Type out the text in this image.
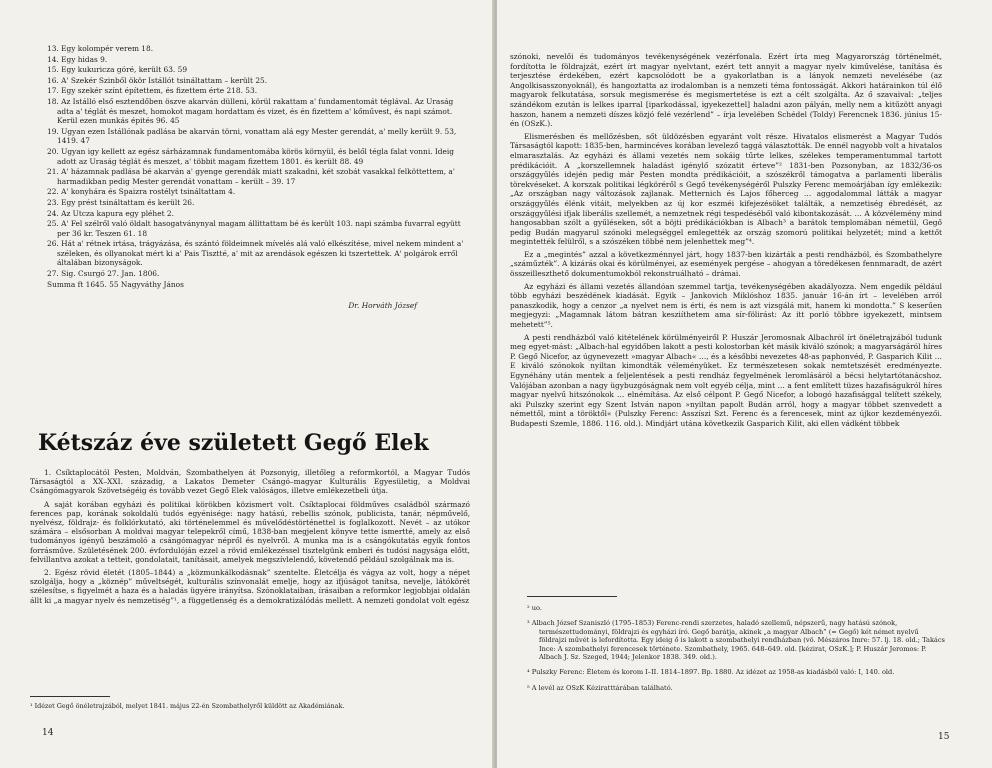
13. Egy kolompér verem 18.
14. Egy hidas 9.
15. Egy kukuricza góré, került 63. 59
16. A' Szekér Szinből ökör Istállót tsináltattam – került 25.
17. Egy szekér színt építettem, és fizettem érte 218. 53.
18. Az Istálló első esztendőben öszve akarván dülleni, körül rakattam a' fundamentomát téglával. Az Uraság adta a' téglát és meszet, homokot magam hordattam és vizet, és én fizettem a' kőművest, és napi számot. Kerül ezen munkás épités 96. 45
19. Ugyan ezen Istállónak padlása be akarván törni, vonattam alá egy Mester gerendát, a' melly került 9. 53, 1419. 47
20. Ugyan igy kellett az egész sárházamnak fundamentomába körös környül, és belől tégla falat vonni. Ideig adott az Uraság téglát és meszet, a' többit magam fizettem 1801. és került 88. 49
21. A' házamnak padlása bé akarván a' gyenge gerendák miatt szakadni, két szobát vasakkal felköttettem, a' harmadikban pedig Mester gerendát vonattam – került – 39. 17
22. A' konyhára és Spaizra rostélyt tsináltattam 4.
23. Egy prést tsináltattam és került 26.
24. Az Utcza kapura egy pléhet 2.
25. A' Fel szélről való öldalt hasogatványnyal magam állittattam bé és került 103. napi számba fuvarral együtt per 36 kr. Teszen 61. 18
26. Hát a' rétnek irtása, trágyázása, és szántó földeimnek mívelés alá való elkészítése, mivel nekem mindent a' széleken, és ollyanokat mért ki a' Pais Tisztté, a' mit az arendások egészen ki tszertettek. A' polgárok erről általában bizonyságok.
27. Sig. Csurgó 27. Jan. 1806.
Summa ft 1645. 55 Nagyváthy János
Dr. Horváth József
Kétszáz éve született Gegő Elek

1. Csíktaplocától Pesten, Moldván, Szombathelyen át Pozsonyig, illetőleg a reformkortól, a Magyar Tudós Társaságtól a XX–XXI. századig, a Lakatos Demeter Csángó–magyar Kulturális Egyesületig, a Moldvai Csángómagyarok Szövetségéig és tovább vezet Gegő Elek valóságos, illetve emlékezetbeli útja.

A saját korában egyházi és politikai körökben közismert volt. Csíktaplocai földműves családból származó ferences pap, korának sokoldalú tudós egyénisége: nagy hatású, rebellis szónok, publicista, tanár, népművelő, nyelvész, földrajz- és folklórkutató, aki történelemmel és művelődéstörténettel is foglalkozott. Nevét – az utókor számára – elsősorban A moldvai magyar telepekről című, 1838-ban megjelent könyve tette ismertté, amely az első tudományos igényű beszámoló a csángómagyar népről és nyelvről. A munka ma is a csángókutatás egyik fontos forrásműve. Születésének 200. évfordulóján ezzel a rövid emlékezéssel tisztelgünk emberi és tudósi nagysága előtt, felvillantva azokat a tetteit, gondolatait, tanításait, amelyek megszívlelendő, követendő például szolgálnak ma is.

2. Egész rövid életét (1805–1844) a „közmunkálkodásnak” szentelte. Életcélja és vágya az volt, hogy a népet szolgálja, hogy a „köznép” műveltségét, kulturális színvonalát emelje, hogy az ifjúságot tanítsa, nevelje, látókörét szélesítse, s figyelmét a haza és a haladás ügyére irányítsa. Szónoklataiban, írásaiban a reformkor legjobbjai oldalán állt ki „a magyar nyelv és nemzetiség”¹, a függetlenség és a demokratizálódás mellett. A nemzeti gondolat volt egész

¹ Idézet Gegő önéletrajzából, melyet 1841. május 22-én Szombathelyről küldött az Akadémiának.
14

szónoki, nevelői és tudományos tevékenységének vezérfonala. Ezért írta meg Magyarország történelmét, fordította le földrajzát, ezért írt magyar nyelvtant, ezért tett annyit a magyar nyelv kiművelése, tanítása és terjesztése érdekében, ezért kapcsolódott be a gyakorlatban is a lányok nemzeti nevelésébe (az Angolkisasszonyoknál), és hangoztatta az irodalomban is a nemzeti téma fontosságát. Akkori határainkon túl élő magyarok felkutatása, sorsuk megismerése és megismertetése is ezt a célt szolgálta. Az ő szavaival: „teljes szándékom ezután is lelkes iparral [iparkodással, igyekezettel] haladni azon pályán, melly nem a kitűzött anyagi haszon, hanem a nemzeti díszes közjó felé vezérlend” – írja levelében Schédel (Toldy) Ferencnek 1836. június 15-én (OSzK.).

Elismerésben és mellőzésben, sőt üldözésben egyaránt volt része. Hivatalos elismerést a Magyar Tudós Társaságtól kapott: 1835-ben, harmincéves korában levelező taggá választották. De ennél nagyobb volt a hivatalos elmarasztalás. Az egyházi és állami vezetés nem sokáig tűrte lelkes, szélekes temperamentummal tartott prédikációit. A „korszellemnek haladást igénylő szózatit érteve”² 1831-ben Pozsonyban, az 1832/36-os országgyűlés idején pedig már Pesten mondta prédikációit, a szószékről támogatva a parlamenti liberális törekvéseket. A korszak politikai légköréről s Gegő tevékenységéről Pulszky Ferenc memoárjában így emlékezik: „Az országban nagy változások zajlanak. Metternich és Lajos főherceg … aggodalommal látták a magyar országgyűlés élénk vitáit, melyekben az új kor eszméi kifejezésöket találták, a nemzetiség ébredését, az országgyűlési ifjak liberális szellemét, a nemzetnek régi tespedéséből való kibontakozását. … A közvélemény mind hangosabban szólt a gyűléseken, sőt a böjti prédikációkban is Albach³ a barátok templomában németül, Gegő pedig Budán magyarul szónoki melegséggel emlegették az ország szomorú politikai helyzetét; mind a kettőt megintették felülről, s a szószéken többé nem jelenhettek meg”⁴.

Ez a „megintés” azzal a következménnyel járt, hogy 1837-ben kizárták a pesti rendházból, és Szombathelyre „száműzték”. A kizárás okai és körülményei, az események pergése – ahogyan a töredékesen fennmaradt, de azért összeilleszthető dokumentumokból rekonstruálható – drámai.

Az egyházi és állami vezetés állandóan szemmel tartja, tevékenységében akadályozza. Nem engedik például több egyházi beszédének kiadását. Egyik – Jankovich Miklóshoz 1835. január 16-án írt – levelében arról panaszkodik, hogy a cenzor „a nyelvet nem is érti, és nem is azt vizsgálá mit, hanem ki mondotta.” S keserűen megjegyzi: „Magamnak látom bátran kesziíthetem ama sír-fölirást: Az itt porló többre igyekezett, mintsem mehetett”⁵.

A pesti rendházból való kitételének körülményeiről P. Huszár Jeromosnak Albachról írt önéletrajzából tudunk meg egyet-mást: „Albach-hal egyidőben lakott a pesti kolostorban két másik kiváló szónok; a magyarságáról híres P. Gegő Nicefor, az úgynevezett »magyar Albach« …, és a későbbi nevezetes 48-as paphonvéd, P. Gasparich Kilit … E kiváló szónokok nyiltan kimondták véleményüket. Ez természetesen sokak nemtetszését eredményezte. Egynéhány után mentek a feljelentések a pesti rendház fegyelmének leromlásáról a bécsi helytartótanácshoz. Valójában azonban a nagy ügybuzgóságnak nem volt egyéb célja, mint … a fent említett tüzes hazafiságukról híres magyar nyelvű hitszónokok … elnémítása. Az első célpont P. Gegő Nicefor, a lobogó hazafisággal telített székely, aki Pulszky szerint egy Szent István napon »nyiltan papolt Budán arról, hogy a magyar többet szenvedett a némettől, mint a töröktől« (Pulszky Ferenc: Asszíszi Szt. Ferenc és a ferencesek, mint az újkor kezdeményezői. Budapesti Szemle, 1886. 116. old.). Mindjárt utána következik Gasparich Kilit, aki ellen vádként többek

² uo.
³ Albach József Szaniszló (1795–1853) Ferenc-rendi szerzetes, haladó szellemű, népszerű, nagy hatású szónok, természettudományi, földrajzi és egyházi író. Gegő barátja, akinek „a magyar Albach” (= Gegő) két német nyelvű földrajzi művét is lefordította. Egy ideig ő is lakott a szombathelyi rendházban (vö. Mészáros Imre: 57. lj. 18. old.; Takács Ince: A szombathelyi ferencesek története. Szombathely, 1965. 648–649. old. [kézirat, OSzK.]; P. Huszár Jeromos: P. Albach J. Sz. Szeged, 1944; Jelenkor 1838. 349. old.).
⁴ Pulszky Ferenc: Életem és korom I–II. 1814–1897. Bp. 1880. Az idézet az 1958-as kiadásból való: I, 140. old.
⁵ A levél az OSzK Kéziratttárában található.
15
